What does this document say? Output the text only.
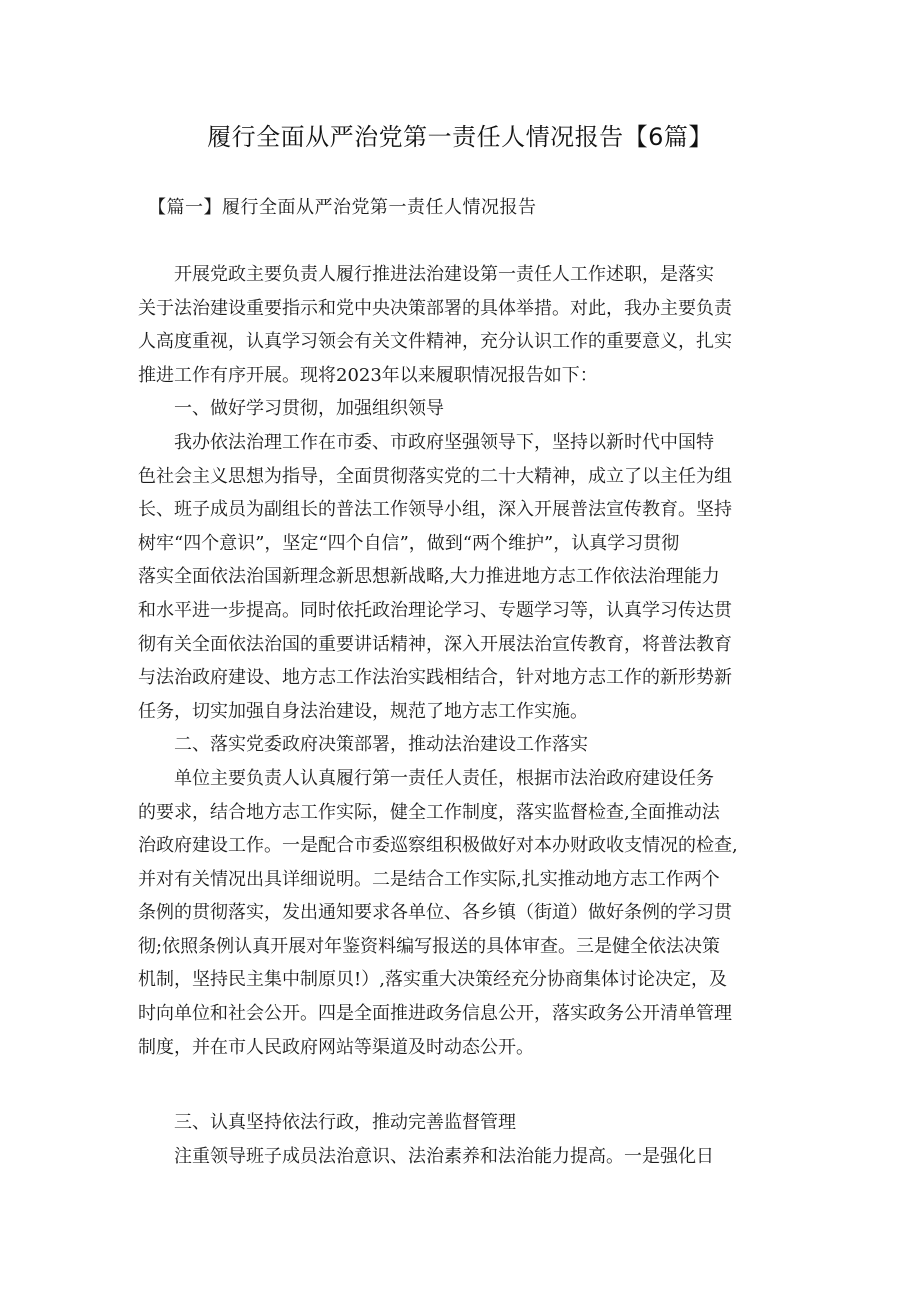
履行全面从严治党第一责任人情况报告【6篇】
【篇一】履行全面从严治党第一责任人情况报告
开展党政主要负责人履行推进法治建设第一责任人工作述职，是落实
关于法治建设重要指示和党中央决策部署的具体举措。对此，我办主要负责
人高度重视，认真学习领会有关文件精神，充分认识工作的重要意义，扎实
推进工作有序开展。现将2023年以来履职情况报告如下：
一、做好学习贯彻，加强组织领导
我办依法治理工作在市委、市政府坚强领导下，坚持以新时代中国特
色社会主义思想为指导，全面贯彻落实党的二十大精神，成立了以主任为组
长、班子成员为副组长的普法工作领导小组，深入开展普法宣传教育。坚持
树牢“四个意识”，坚定“四个自信”，做到“两个维护”，认真学习贯彻
落实全面依法治国新理念新思想新战略,大力推进地方志工作依法治理能力
和水平进一步提高。同时依托政治理论学习、专题学习等，认真学习传达贯
彻有关全面依法治国的重要讲话精神，深入开展法治宣传教育，将普法教育
与法治政府建设、地方志工作法治实践相结合，针对地方志工作的新形势新
任务，切实加强自身法治建设，规范了地方志工作实施。
二、落实党委政府决策部署，推动法治建设工作落实
单位主要负责人认真履行第一责任人责任，根据市法治政府建设任务
的要求，结合地方志工作实际，健全工作制度，落实监督检查,全面推动法
治政府建设工作。一是配合市委巡察组积极做好对本办财政收支情况的检查,
并对有关情况出具详细说明。二是结合工作实际,扎实推动地方志工作两个
条例的贯彻落实，发出通知要求各单位、各乡镇（街道）做好条例的学习贯
彻;依照条例认真开展对年鉴资料编写报送的具体审查。三是健全依法决策
机制，坚持民主集中制原贝!）,落实重大决策经充分协商集体讨论决定，及
时向单位和社会公开。四是全面推进政务信息公开，落实政务公开清单管理
制度，并在市人民政府网站等渠道及时动态公开。
三、认真坚持依法行政，推动完善监督管理
注重领导班子成员法治意识、法治素养和法治能力提高。一是强化日
